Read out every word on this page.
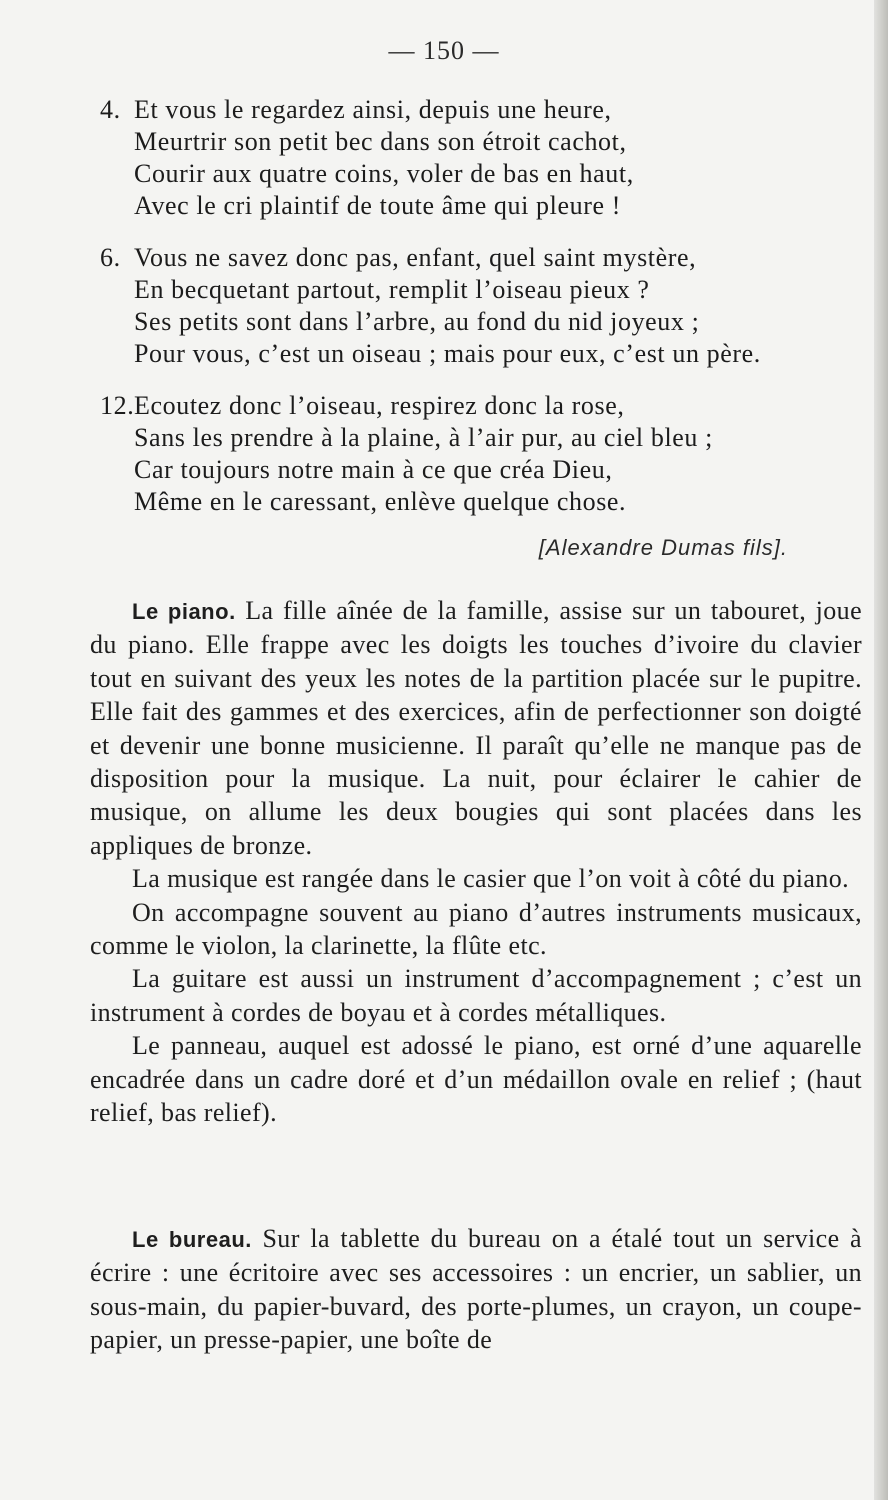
— 150 —
4. Et vous le regardez ainsi, depuis une heure,
Meurtrir son petit bec dans son étroit cachot,
Courir aux quatre coins, voler de bas en haut,
Avec le cri plaintif de toute âme qui pleure !
6. Vous ne savez donc pas, enfant, quel saint mystère,
En becquetant partout, remplit l’oiseau pieux ?
Ses petits sont dans l’arbre, au fond du nid joyeux ;
Pour vous, c’est un oiseau ; mais pour eux, c’est un père.
12. Ecoutez donc l’oiseau, respirez donc la rose,
Sans les prendre à la plaine, à l’air pur, au ciel bleu ;
Car toujours notre main à ce que créa Dieu,
Même en le caressant, enlève quelque chose.
[Alexandre Dumas fils].

Le piano. La fille aînée de la famille, assise sur un tabouret, joue du piano. Elle frappe avec les doigts les touches d’ivoire du clavier tout en suivant des yeux les notes de la partition placée sur le pupitre. Elle fait des gammes et des exercices, afin de perfectionner son doigté et devenir une bonne musicienne. Il paraît qu’elle ne manque pas de disposition pour la musique. La nuit, pour éclairer le cahier de musique, on allume les deux bougies qui sont placées dans les appliques de bronze.

La musique est rangée dans le casier que l’on voit à côté du piano.

On accompagne souvent au piano d’autres instruments musicaux, comme le violon, la clarinette, la flûte etc.

La guitare est aussi un instrument d’accompagnement ; c’est un instrument à cordes de boyau et à cordes métalliques.

Le panneau, auquel est adossé le piano, est orné d’une aquarelle encadrée dans un cadre doré et d’un médaillon ovale en relief ; (haut relief, bas relief).

Le bureau. Sur la tablette du bureau on a étalé tout un service à écrire : une écritoire avec ses accessoires : un encrier, un sablier, un sous-main, du papier-buvard, des porte-plumes, un crayon, un coupe-papier, un presse-papier, une boîte de
